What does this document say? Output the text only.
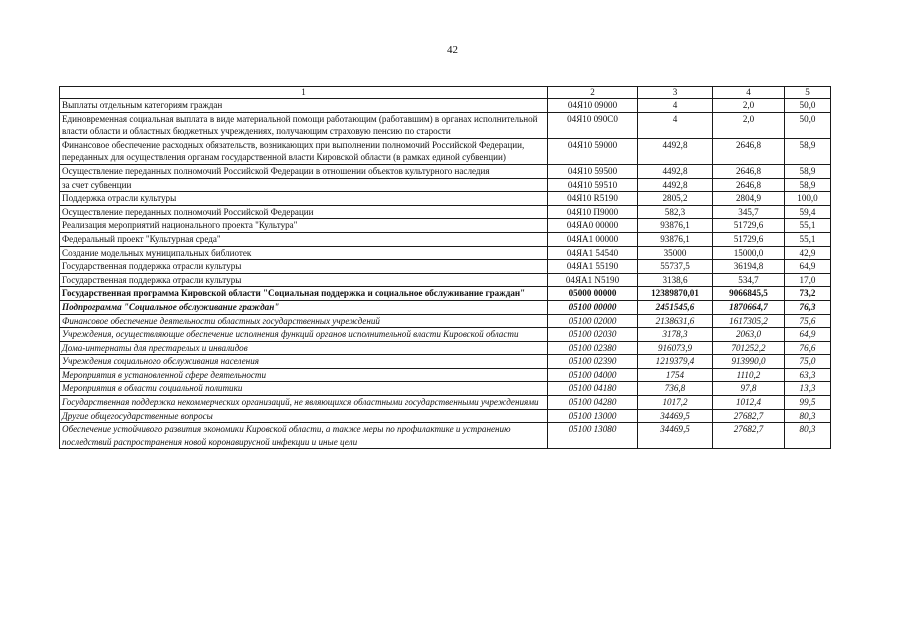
42
1	2	3	4	5
Выплаты отдельным категориям граждан	04Я10 09000	4	2,0	50,0
Единовременная социальная выплата в виде материальной помощи работающим (работавшим) в органах исполнительной власти области и областных бюджетных учреждениях, получающим страховую пенсию по старости	04Я10 090С0	4	2,0	50,0
Финансовое обеспечение расходных обязательств, возникающих при выполнении полномочий Российской Федерации, переданных для осуществления органам государственной власти Кировской области (в рамках единой субвенции)	04Я10 59000	4492,8	2646,8	58,9
Осуществление переданных полномочий Российской Федерации в отношении объектов культурного наследия	04Я10 59500	4492,8	2646,8	58,9
за счет субвенции	04Я10 59510	4492,8	2646,8	58,9
Поддержка отрасли культуры	04Я10 R5190	2805,2	2804,9	100,0
Осуществление переданных полномочий Российской Федерации	04Я10 П9000	582,3	345,7	59,4
Реализация мероприятий национального проекта "Культура"	04ЯА0 00000	93876,1	51729,6	55,1
Федеральный проект "Культурная среда"	04ЯА1 00000	93876,1	51729,6	55,1
Создание модельных муниципальных библиотек	04ЯА1 54540	35000	15000,0	42,9
Государственная поддержка отрасли культуры	04ЯА1 55190	55737,5	36194,8	64,9
Государственная поддержка отрасли культуры	04ЯА1 N5190	3138,6	534,7	17,0
Государственная программа Кировской области "Социальная поддержка и социальное обслуживание граждан"	05000 00000	12389870,01	9066845,5	73,2
Подпрограмма "Социальное обслуживание граждан"	05100 00000	2451545,6	1870664,7	76,3
Финансовое обеспечение деятельности областных государственных учреждений	05100 02000	2138631,6	1617305,2	75,6
Учреждения, осуществляющие обеспечение исполнения функций органов исполнительной власти Кировской области	05100 02030	3178,3	2063,0	64,9
Дома-интернаты для престарелых и инвалидов	05100 02380	916073,9	701252,2	76,6
Учреждения социального обслуживания населения	05100 02390	1219379,4	913990,0	75,0
Мероприятия в установленной сфере деятельности	05100 04000	1754	1110,2	63,3
Мероприятия в области социальной политики	05100 04180	736,8	97,8	13,3
Государственная поддержка некоммерческих организаций, не являющихся областными государственными учреждениями	05100 04280	1017,2	1012,4	99,5
Другие общегосударственные вопросы	05100 13000	34469,5	27682,7	80,3
Обеспечение устойчивого развития экономики Кировской области, а также меры по профилактике и устранению последствий распространения новой коронавирусной инфекции и иные цели	05100 13080	34469,5	27682,7	80,3
